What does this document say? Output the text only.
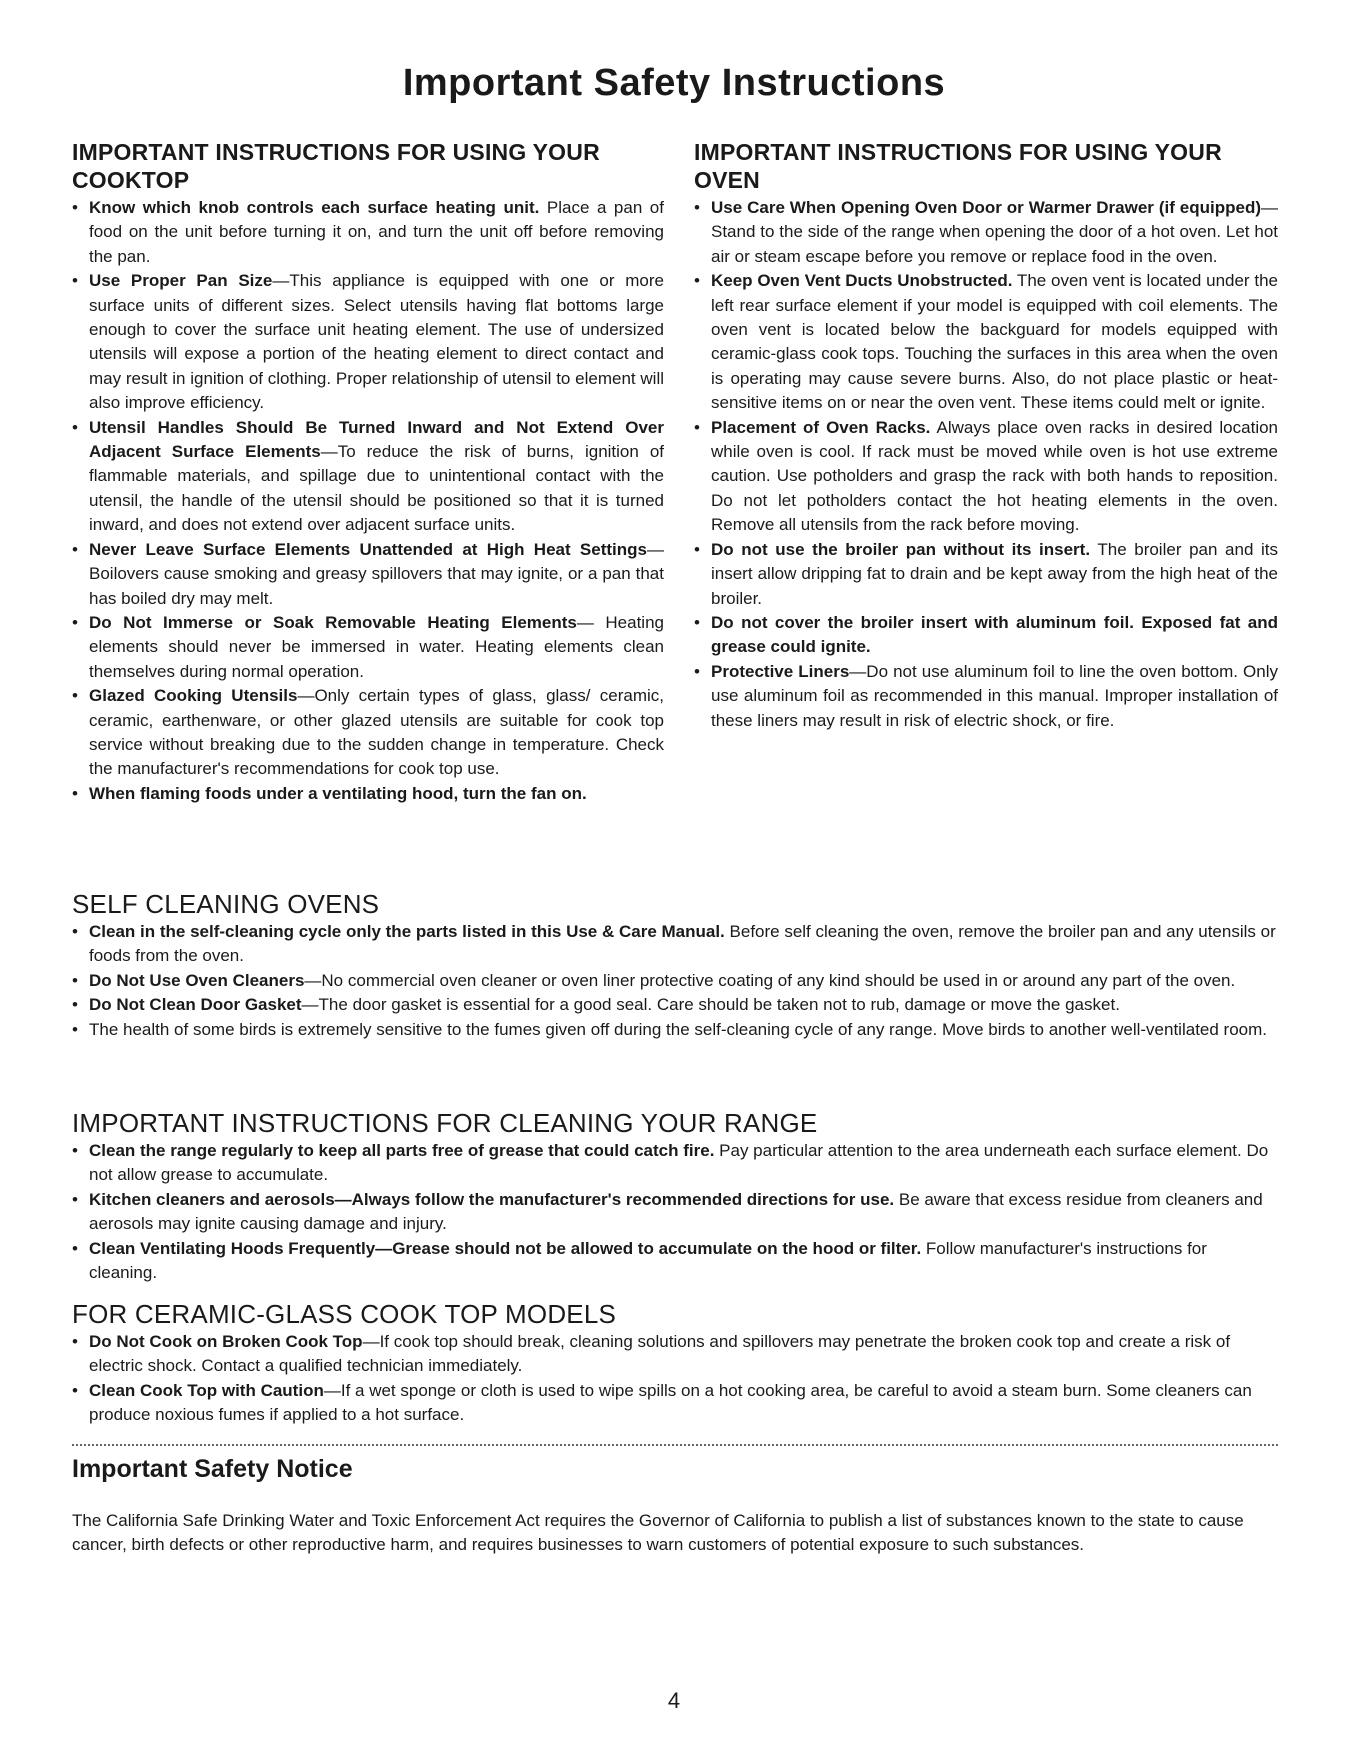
Important Safety Instructions
IMPORTANT INSTRUCTIONS FOR USING YOUR COOKTOP
• Know which knob controls each surface heating unit. Place a pan of food on the unit before turning it on, and turn the unit off before removing the pan.
• Use Proper Pan Size—This appliance is equipped with one or more surface units of different sizes. Select utensils having flat bottoms large enough to cover the surface unit heating element. The use of undersized utensils will expose a portion of the heating element to direct contact and may result in ignition of clothing. Proper relationship of utensil to element will also improve efficiency.
• Utensil Handles Should Be Turned Inward and Not Extend Over Adjacent Surface Elements—To reduce the risk of burns, ignition of flammable materials, and spillage due to unintentional contact with the utensil, the handle of the utensil should be positioned so that it is turned inward, and does not extend over adjacent surface units.
• Never Leave Surface Elements Unattended at High Heat Settings—Boilovers cause smoking and greasy spillovers that may ignite, or a pan that has boiled dry may melt.
• Do Not Immerse or Soak Removable Heating Elements— Heating elements should never be immersed in water. Heating elements clean themselves during normal operation.
• Glazed Cooking Utensils—Only certain types of glass, glass/ ceramic, ceramic, earthenware, or other glazed utensils are suitable for cook top service without breaking due to the sudden change in temperature. Check the manufacturer's recommendations for cook top use.
• When flaming foods under a ventilating hood, turn the fan on.
IMPORTANT INSTRUCTIONS FOR USING YOUR OVEN
• Use Care When Opening Oven Door or Warmer Drawer (if equipped)—Stand to the side of the range when opening the door of a hot oven. Let hot air or steam escape before you remove or replace food in the oven.
• Keep Oven Vent Ducts Unobstructed. The oven vent is located under the left rear surface element if your model is equipped with coil elements. The oven vent is located below the backguard for models equipped with ceramic-glass cook tops. Touching the surfaces in this area when the oven is operating may cause severe burns. Also, do not place plastic or heat-sensitive items on or near the oven vent. These items could melt or ignite.
• Placement of Oven Racks. Always place oven racks in desired location while oven is cool. If rack must be moved while oven is hot use extreme caution. Use potholders and grasp the rack with both hands to reposition. Do not let potholders contact the hot heating elements in the oven. Remove all utensils from the rack before moving.
• Do not use the broiler pan without its insert. The broiler pan and its insert allow dripping fat to drain and be kept away from the high heat of the broiler.
• Do not cover the broiler insert with aluminum foil. Exposed fat and grease could ignite.
• Protective Liners—Do not use aluminum foil to line the oven bottom. Only use aluminum foil as recommended in this manual. Improper installation of these liners may result in risk of electric shock, or fire.
SELF CLEANING OVENS
• Clean in the self-cleaning cycle only the parts listed in this Use & Care Manual. Before self cleaning the oven, remove the broiler pan and any utensils or foods from the oven.
• Do Not Use Oven Cleaners—No commercial oven cleaner or oven liner protective coating of any kind should be used in or around any part of the oven.
• Do Not Clean Door Gasket—The door gasket is essential for a good seal. Care should be taken not to rub, damage or move the gasket.
• The health of some birds is extremely sensitive to the fumes given off during the self-cleaning cycle of any range. Move birds to another well-ventilated room.
IMPORTANT INSTRUCTIONS FOR CLEANING YOUR RANGE
• Clean the range regularly to keep all parts free of grease that could catch fire. Pay particular attention to the area underneath each surface element. Do not allow grease to accumulate.
• Kitchen cleaners and aerosols—Always follow the manufacturer's recommended directions for use. Be aware that excess residue from cleaners and aerosols may ignite causing damage and injury.
• Clean Ventilating Hoods Frequently—Grease should not be allowed to accumulate on the hood or filter. Follow manufacturer's instructions for cleaning.
FOR CERAMIC-GLASS COOK TOP MODELS
• Do Not Cook on Broken Cook Top—If cook top should break, cleaning solutions and spillovers may penetrate the broken cook top and create a risk of electric shock. Contact a qualified technician immediately.
• Clean Cook Top with Caution—If a wet sponge or cloth is used to wipe spills on a hot cooking area, be careful to avoid a steam burn. Some cleaners can produce noxious fumes if applied to a hot surface.
Important Safety Notice

The California Safe Drinking Water and Toxic Enforcement Act requires the Governor of California to publish a list of substances known to the state to cause cancer, birth defects or other reproductive harm, and requires businesses to warn customers of potential exposure to such substances.

4
